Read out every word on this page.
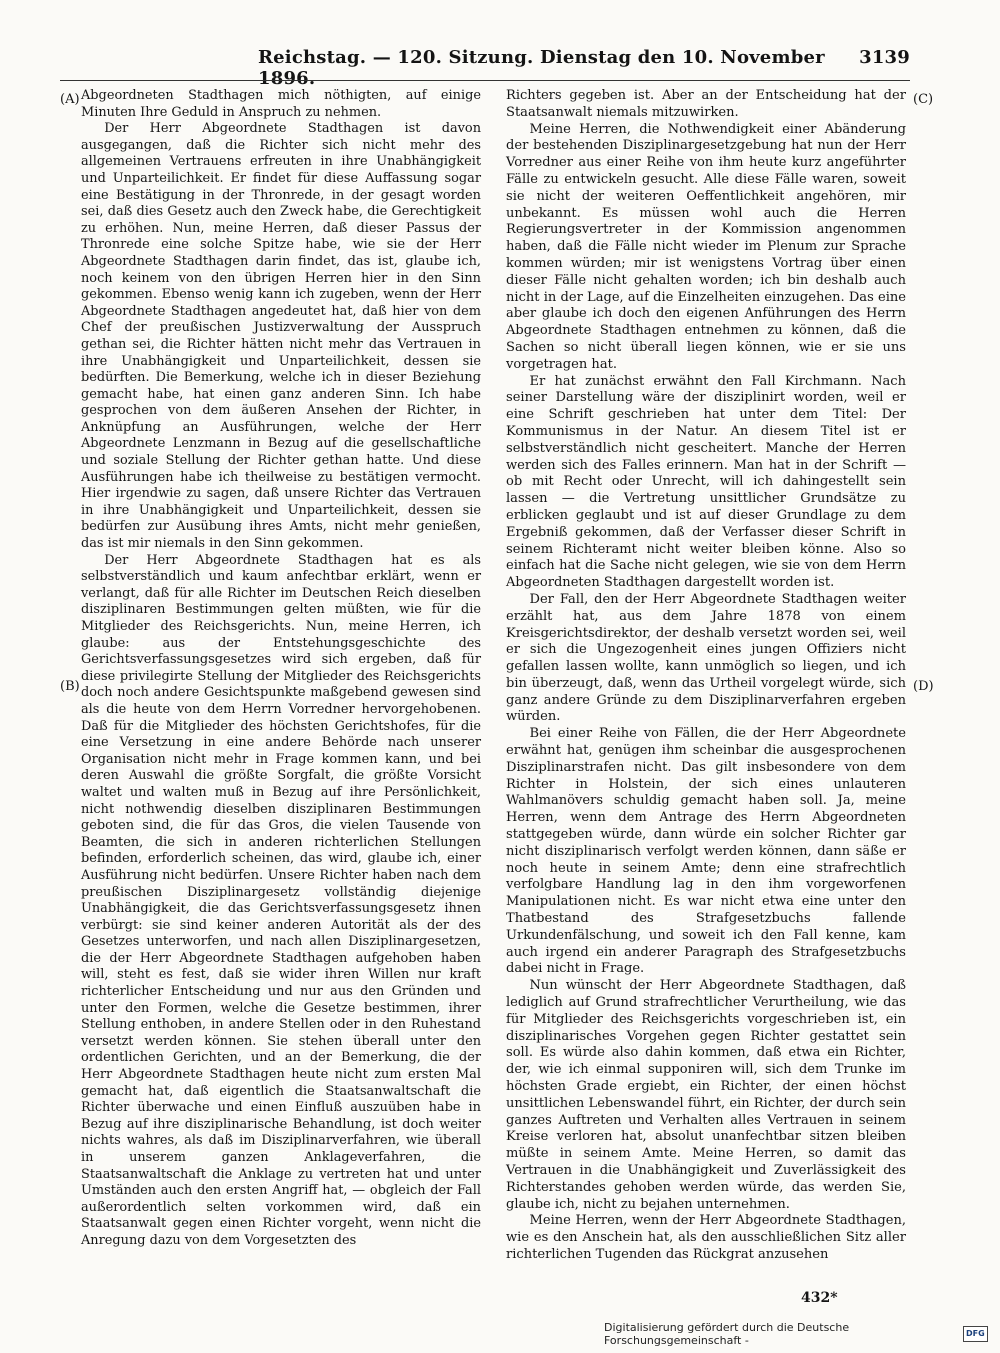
Reichstag. — 120. Sitzung. Dienstag den 10. November 1896.
3139
(A)
(B)
(C)
(D)

Abgeordneten Stadthagen mich nöthigten, auf einige Minuten Ihre Geduld in Anspruch zu nehmen.

Der Herr Abgeordnete Stadthagen ist davon ausgegangen, daß die Richter sich nicht mehr des allgemeinen Vertrauens erfreuten in ihre Unabhängigkeit und Unparteilichkeit. Er findet für diese Auffassung sogar eine Bestätigung in der Thronrede, in der gesagt worden sei, daß dies Gesetz auch den Zweck habe, die Gerechtigkeit zu erhöhen. Nun, meine Herren, daß dieser Passus der Thronrede eine solche Spitze habe, wie sie der Herr Abgeordnete Stadthagen darin findet, das ist, glaube ich, noch keinem von den übrigen Herren hier in den Sinn gekommen. Ebenso wenig kann ich zugeben, wenn der Herr Abgeordnete Stadthagen angedeutet hat, daß hier von dem Chef der preußischen Justizverwaltung der Ausspruch gethan sei, die Richter hätten nicht mehr das Vertrauen in ihre Unabhängigkeit und Unparteilichkeit, dessen sie bedürften. Die Bemerkung, welche ich in dieser Beziehung gemacht habe, hat einen ganz anderen Sinn. Ich habe gesprochen von dem äußeren Ansehen der Richter, in Anknüpfung an Ausführungen, welche der Herr Abgeordnete Lenzmann in Bezug auf die gesellschaftliche und soziale Stellung der Richter gethan hatte. Und diese Ausführungen habe ich theilweise zu bestätigen vermocht. Hier irgendwie zu sagen, daß unsere Richter das Vertrauen in ihre Unabhängigkeit und Unparteilichkeit, dessen sie bedürfen zur Ausübung ihres Amts, nicht mehr genießen, das ist mir niemals in den Sinn gekommen.

Der Herr Abgeordnete Stadthagen hat es als selbstverständlich und kaum anfechtbar erklärt, wenn er verlangt, daß für alle Richter im Deutschen Reich dieselben disziplinaren Bestimmungen gelten müßten, wie für die Mitglieder des Reichsgerichts. Nun, meine Herren, ich glaube: aus der Entstehungsgeschichte des Gerichtsverfassungsgesetzes wird sich ergeben, daß für diese privilegirte Stellung der Mitglieder des Reichsgerichts doch noch andere Gesichtspunkte maßgebend gewesen sind als die heute von dem Herrn Vorredner hervorgehobenen. Daß für die Mitglieder des höchsten Gerichtshofes, für die eine Versetzung in eine andere Behörde nach unserer Organisation nicht mehr in Frage kommen kann, und bei deren Auswahl die größte Sorgfalt, die größte Vorsicht waltet und walten muß in Bezug auf ihre Persönlichkeit, nicht nothwendig dieselben disziplinaren Bestimmungen geboten sind, die für das Gros, die vielen Tausende von Beamten, die sich in anderen richterlichen Stellungen befinden, erforderlich scheinen, das wird, glaube ich, einer Ausführung nicht bedürfen. Unsere Richter haben nach dem preußischen Disziplinargesetz vollständig diejenige Unabhängigkeit, die das Gerichtsverfassungsgesetz ihnen verbürgt: sie sind keiner anderen Autorität als der des Gesetzes unterworfen, und nach allen Disziplinargesetzen, die der Herr Abgeordnete Stadthagen aufgehoben haben will, steht es fest, daß sie wider ihren Willen nur kraft richterlicher Entscheidung und nur aus den Gründen und unter den Formen, welche die Gesetze bestimmen, ihrer Stellung enthoben, in andere Stellen oder in den Ruhestand versetzt werden können. Sie stehen überall unter den ordentlichen Gerichten, und an der Bemerkung, die der Herr Abgeordnete Stadthagen heute nicht zum ersten Mal gemacht hat, daß eigentlich die Staatsanwaltschaft die Richter überwache und einen Einfluß auszuüben habe in Bezug auf ihre disziplinarische Behandlung, ist doch weiter nichts wahres, als daß im Disziplinarverfahren, wie überall in unserem ganzen Anklageverfahren, die Staatsanwaltschaft die Anklage zu vertreten hat und unter Umständen auch den ersten Angriff hat, — obgleich der Fall außerordentlich selten vorkommen wird, daß ein Staatsanwalt gegen einen Richter vorgeht, wenn nicht die Anregung dazu von dem Vorgesetzten des

Richters gegeben ist. Aber an der Entscheidung hat der Staatsanwalt niemals mitzuwirken.

Meine Herren, die Nothwendigkeit einer Abänderung der bestehenden Disziplinargesetzgebung hat nun der Herr Vorredner aus einer Reihe von ihm heute kurz angeführter Fälle zu entwickeln gesucht. Alle diese Fälle waren, soweit sie nicht der weiteren Oeffentlichkeit angehören, mir unbekannt. Es müssen wohl auch die Herren Regierungsvertreter in der Kommission angenommen haben, daß die Fälle nicht wieder im Plenum zur Sprache kommen würden; mir ist wenigstens Vortrag über einen dieser Fälle nicht gehalten worden; ich bin deshalb auch nicht in der Lage, auf die Einzelheiten einzugehen. Das eine aber glaube ich doch den eigenen Anführungen des Herrn Abgeordnete Stadthagen entnehmen zu können, daß die Sachen so nicht überall liegen können, wie er sie uns vorgetragen hat.

Er hat zunächst erwähnt den Fall Kirchmann. Nach seiner Darstellung wäre der disziplinirt worden, weil er eine Schrift geschrieben hat unter dem Titel: Der Kommunismus in der Natur. An diesem Titel ist er selbstverständlich nicht gescheitert. Manche der Herren werden sich des Falles erinnern. Man hat in der Schrift — ob mit Recht oder Unrecht, will ich dahingestellt sein lassen — die Vertretung unsittlicher Grundsätze zu erblicken geglaubt und ist auf dieser Grundlage zu dem Ergebniß gekommen, daß der Verfasser dieser Schrift in seinem Richteramt nicht weiter bleiben könne. Also so einfach hat die Sache nicht gelegen, wie sie von dem Herrn Abgeordneten Stadthagen dargestellt worden ist.

Der Fall, den der Herr Abgeordnete Stadthagen weiter erzählt hat, aus dem Jahre 1878 von einem Kreisgerichtsdirektor, der deshalb versetzt worden sei, weil er sich die Ungezogenheit eines jungen Offiziers nicht gefallen lassen wollte, kann unmöglich so liegen, und ich bin überzeugt, daß, wenn das Urtheil vorgelegt würde, sich ganz andere Gründe zu dem Disziplinarverfahren ergeben würden.

Bei einer Reihe von Fällen, die der Herr Abgeordnete erwähnt hat, genügen ihm scheinbar die ausgesprochenen Disziplinarstrafen nicht. Das gilt insbesondere von dem Richter in Holstein, der sich eines unlauteren Wahlmanövers schuldig gemacht haben soll. Ja, meine Herren, wenn dem Antrage des Herrn Abgeordneten stattgegeben würde, dann würde ein solcher Richter gar nicht disziplinarisch verfolgt werden können, dann säße er noch heute in seinem Amte; denn eine strafrechtlich verfolgbare Handlung lag in den ihm vorgeworfenen Manipulationen nicht. Es war nicht etwa eine unter den Thatbestand des Strafgesetzbuchs fallende Urkundenfälschung, und soweit ich den Fall kenne, kam auch irgend ein anderer Paragraph des Strafgesetzbuchs dabei nicht in Frage.

Nun wünscht der Herr Abgeordnete Stadthagen, daß lediglich auf Grund strafrechtlicher Verurtheilung, wie das für Mitglieder des Reichsgerichts vorgeschrieben ist, ein disziplinarisches Vorgehen gegen Richter gestattet sein soll. Es würde also dahin kommen, daß etwa ein Richter, der, wie ich einmal supponiren will, sich dem Trunke im höchsten Grade ergiebt, ein Richter, der einen höchst unsittlichen Lebenswandel führt, ein Richter, der durch sein ganzes Auftreten und Verhalten alles Vertrauen in seinem Kreise verloren hat, absolut unanfechtbar sitzen bleiben müßte in seinem Amte. Meine Herren, so damit das Vertrauen in die Unabhängigkeit und Zuverlässigkeit des Richterstandes gehoben werden würde, das werden Sie, glaube ich, nicht zu bejahen unternehmen.

Meine Herren, wenn der Herr Abgeordnete Stadthagen, wie es den Anschein hat, als den ausschließlichen Sitz aller richterlichen Tugenden das Rückgrat anzusehen

432*
Digitalisierung gefördert durch die Deutsche Forschungsgemeinschaft -
DFG
